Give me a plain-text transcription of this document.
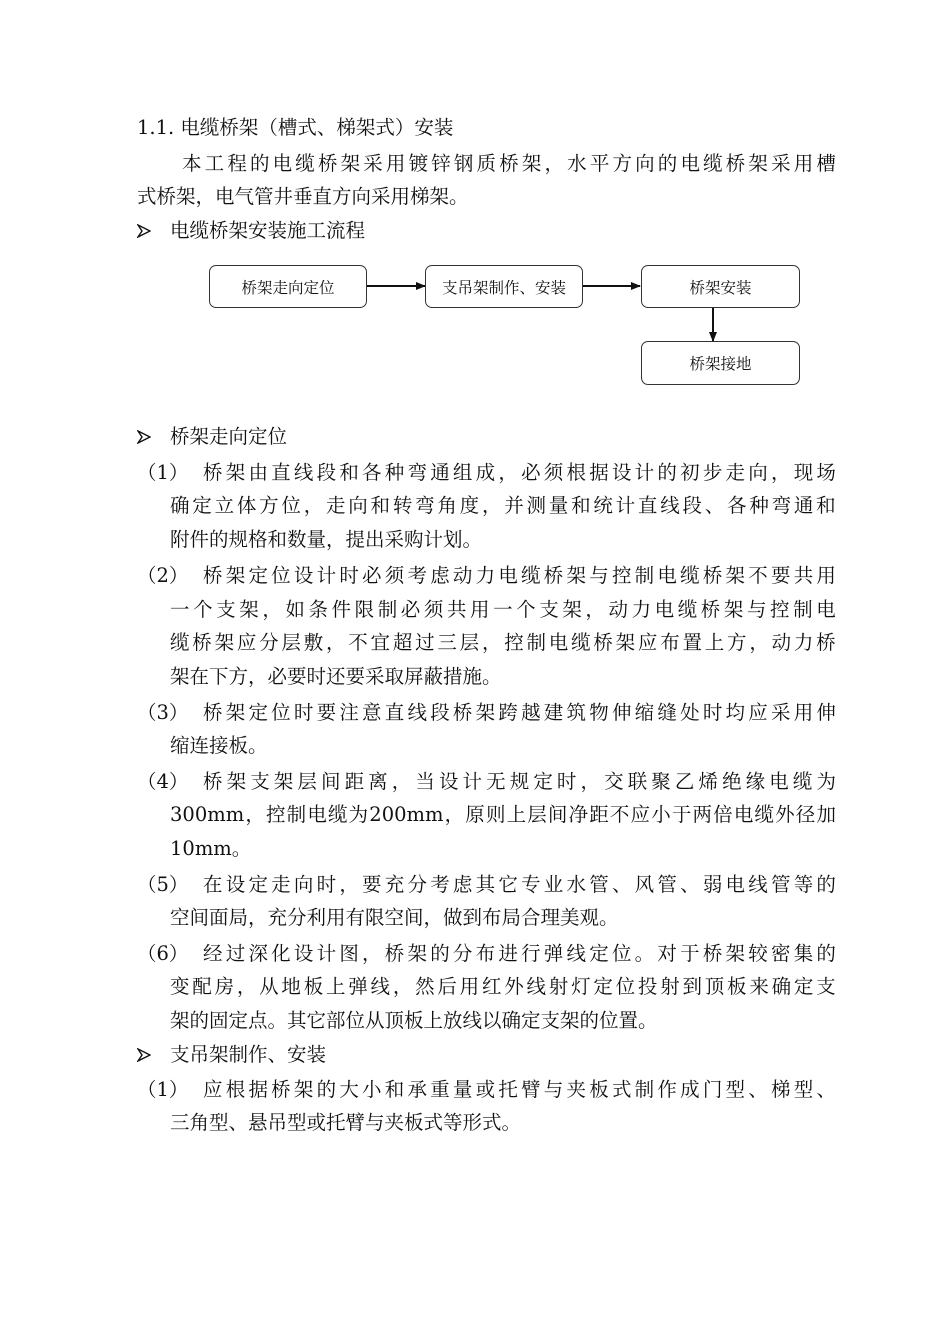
1.1. 电缆桥架（槽式、梯架式）安装
本 工 程 的 电 缆 桥 架 采 用 镀 锌 钢 质 桥 架 ， 水 平 方 向 的 电 缆 桥 架 采 用 槽
式桥架，电气管井垂直方向采用梯架。
电缆桥架安装施工流程
桥架走向定位	支吊架制作、安装	桥架安装
桥架接地
桥架走向定位
（1） 桥 架 由 直 线 段 和 各 种 弯 通 组 成 ， 必 须 根 据 设 计 的 初 步 走 向 ， 现 场
确 定 立 体 方 位 ， 走 向 和 转 弯 角 度 ， 并 测 量 和 统 计 直 线 段 、 各 种 弯 通 和
附件的规格和数量，提出采购计划。
（2） 桥 架 定 位 设 计 时 必 须 考 虑 动 力 电 缆 桥 架 与 控 制 电 缆 桥 架 不 要 共 用
一 个 支 架 ， 如 条 件 限 制 必 须 共 用 一 个 支 架 ， 动 力 电 缆 桥 架 与 控 制 电
缆 桥 架 应 分 层 敷 ， 不 宜 超 过 三 层 ， 控 制 电 缆 桥 架 应 布 置 上 方 ， 动 力 桥
架在下方，必要时还要采取屏蔽措施。
（3） 桥 架 定 位 时 要 注 意 直 线 段 桥 架 跨 越 建 筑 物 伸 缩 缝 处 时 均 应 采 用 伸
缩连接板。
（4） 桥 架 支 架 层 间 距 离 ， 当 设 计 无 规 定 时 ， 交 联 聚 乙 烯 绝 缘 电 缆 为
300mm ， 控 制 电 缆 为 200mm ， 原 则 上 层 间 净 距 不 应 小 于 两 倍 电 缆 外 径 加
10mm。
（5） 在 设 定 走 向 时 ， 要 充 分 考 虑 其 它 专 业 水 管 、 风 管 、 弱 电 线 管 等 的
空间面局，充分利用有限空间，做到布局合理美观。
（6） 经 过 深 化 设 计 图 ， 桥 架 的 分 布 进 行 弹 线 定 位 。 对 于 桥 架 较 密 集 的
变 配 房 ， 从 地 板 上 弹 线 ， 然 后 用 红 外 线 射 灯 定 位 投 射 到 顶 板 来 确 定 支
架的固定点。其它部位从顶板上放线以确定支架的位置。
支吊架制作、安装
（1） 应 根 据 桥 架 的 大 小 和 承 重 量 或 托 臂 与 夹 板 式 制 作 成 门 型 、 梯 型 、
三角型、悬吊型或托臂与夹板式等形式。
